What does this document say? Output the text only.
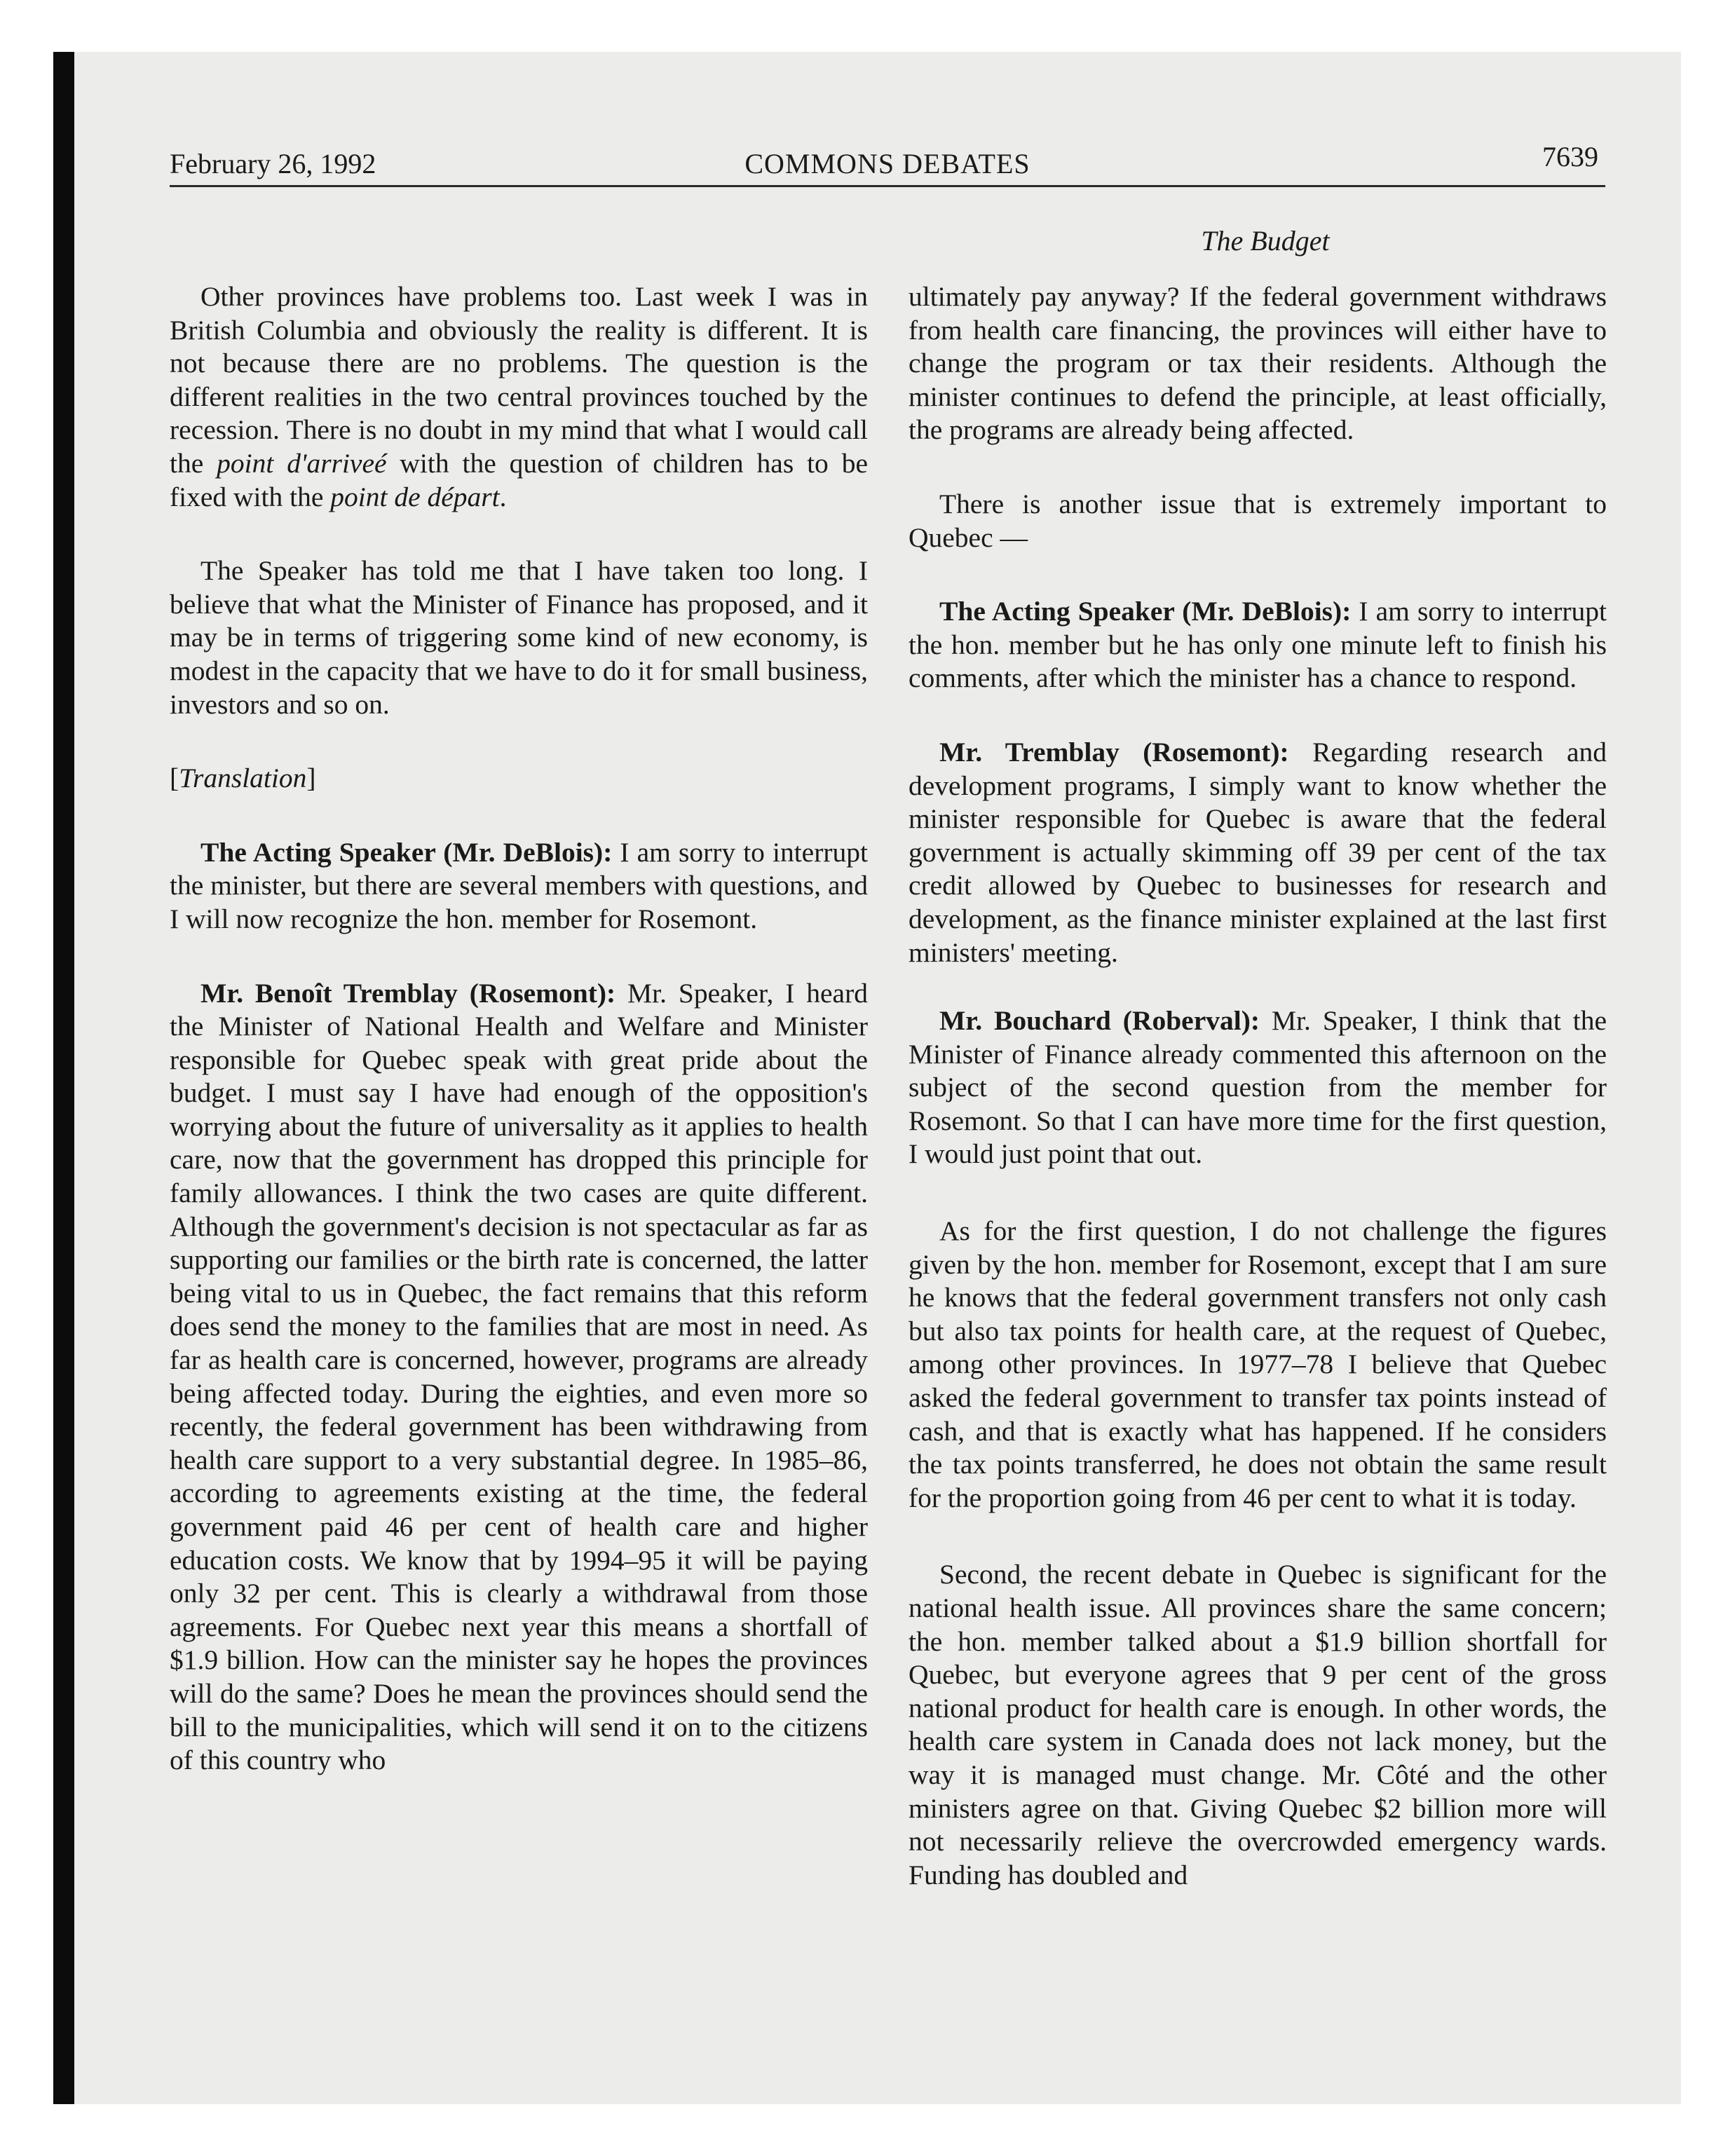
February 26, 1992	COMMONS DEBATES	7639
The Budget

Other provinces have problems too. Last week I was in British Columbia and obviously the reality is different. It is not because there are no problems. The question is the different realities in the two central provinces touched by the recession. There is no doubt in my mind that what I would call the point d'arriveé with the question of children has to be fixed with the point de départ.

The Speaker has told me that I have taken too long. I believe that what the Minister of Finance has proposed, and it may be in terms of triggering some kind of new economy, is modest in the capacity that we have to do it for small business, investors and so on.

[Translation]

The Acting Speaker (Mr. DeBlois): I am sorry to interrupt the minister, but there are several members with questions, and I will now recognize the hon. member for Rosemont.

Mr. Benoît Tremblay (Rosemont): Mr. Speaker, I heard the Minister of National Health and Welfare and Minister responsible for Quebec speak with great pride about the budget. I must say I have had enough of the opposition's worrying about the future of universality as it applies to health care, now that the government has dropped this principle for family allowances. I think the two cases are quite different. Although the government's decision is not spectacular as far as supporting our families or the birth rate is concerned, the latter being vital to us in Quebec, the fact remains that this reform does send the money to the families that are most in need. As far as health care is concerned, however, programs are already being affected today. During the eighties, and even more so recently, the federal government has been withdrawing from health care support to a very substantial degree. In 1985–86, according to agreements existing at the time, the federal government paid 46 per cent of health care and higher education costs. We know that by 1994–95 it will be paying only 32 per cent. This is clearly a withdrawal from those agreements. For Quebec next year this means a shortfall of $1.9 billion. How can the minister say he hopes the provinces will do the same? Does he mean the provinces should send the bill to the municipalities, which will send it on to the citizens of this country who

ultimately pay anyway? If the federal government withdraws from health care financing, the provinces will either have to change the program or tax their residents. Although the minister continues to defend the principle, at least officially, the programs are already being affected.

There is another issue that is extremely important to Quebec —

The Acting Speaker (Mr. DeBlois): I am sorry to interrupt the hon. member but he has only one minute left to finish his comments, after which the minister has a chance to respond.

Mr. Tremblay (Rosemont): Regarding research and development programs, I simply want to know whether the minister responsible for Quebec is aware that the federal government is actually skimming off 39 per cent of the tax credit allowed by Quebec to businesses for research and development, as the finance minister explained at the last first ministers' meeting.

Mr. Bouchard (Roberval): Mr. Speaker, I think that the Minister of Finance already commented this afternoon on the subject of the second question from the member for Rosemont. So that I can have more time for the first question, I would just point that out.

As for the first question, I do not challenge the figures given by the hon. member for Rosemont, except that I am sure he knows that the federal government transfers not only cash but also tax points for health care, at the request of Quebec, among other provinces. In 1977–78 I believe that Quebec asked the federal government to transfer tax points instead of cash, and that is exactly what has happened. If he considers the tax points transferred, he does not obtain the same result for the proportion going from 46 per cent to what it is today.

Second, the recent debate in Quebec is significant for the national health issue. All provinces share the same concern; the hon. member talked about a $1.9 billion shortfall for Quebec, but everyone agrees that 9 per cent of the gross national product for health care is enough. In other words, the health care system in Canada does not lack money, but the way it is managed must change. Mr. Côté and the other ministers agree on that. Giving Quebec $2 billion more will not necessarily relieve the overcrowded emergency wards. Funding has doubled and
